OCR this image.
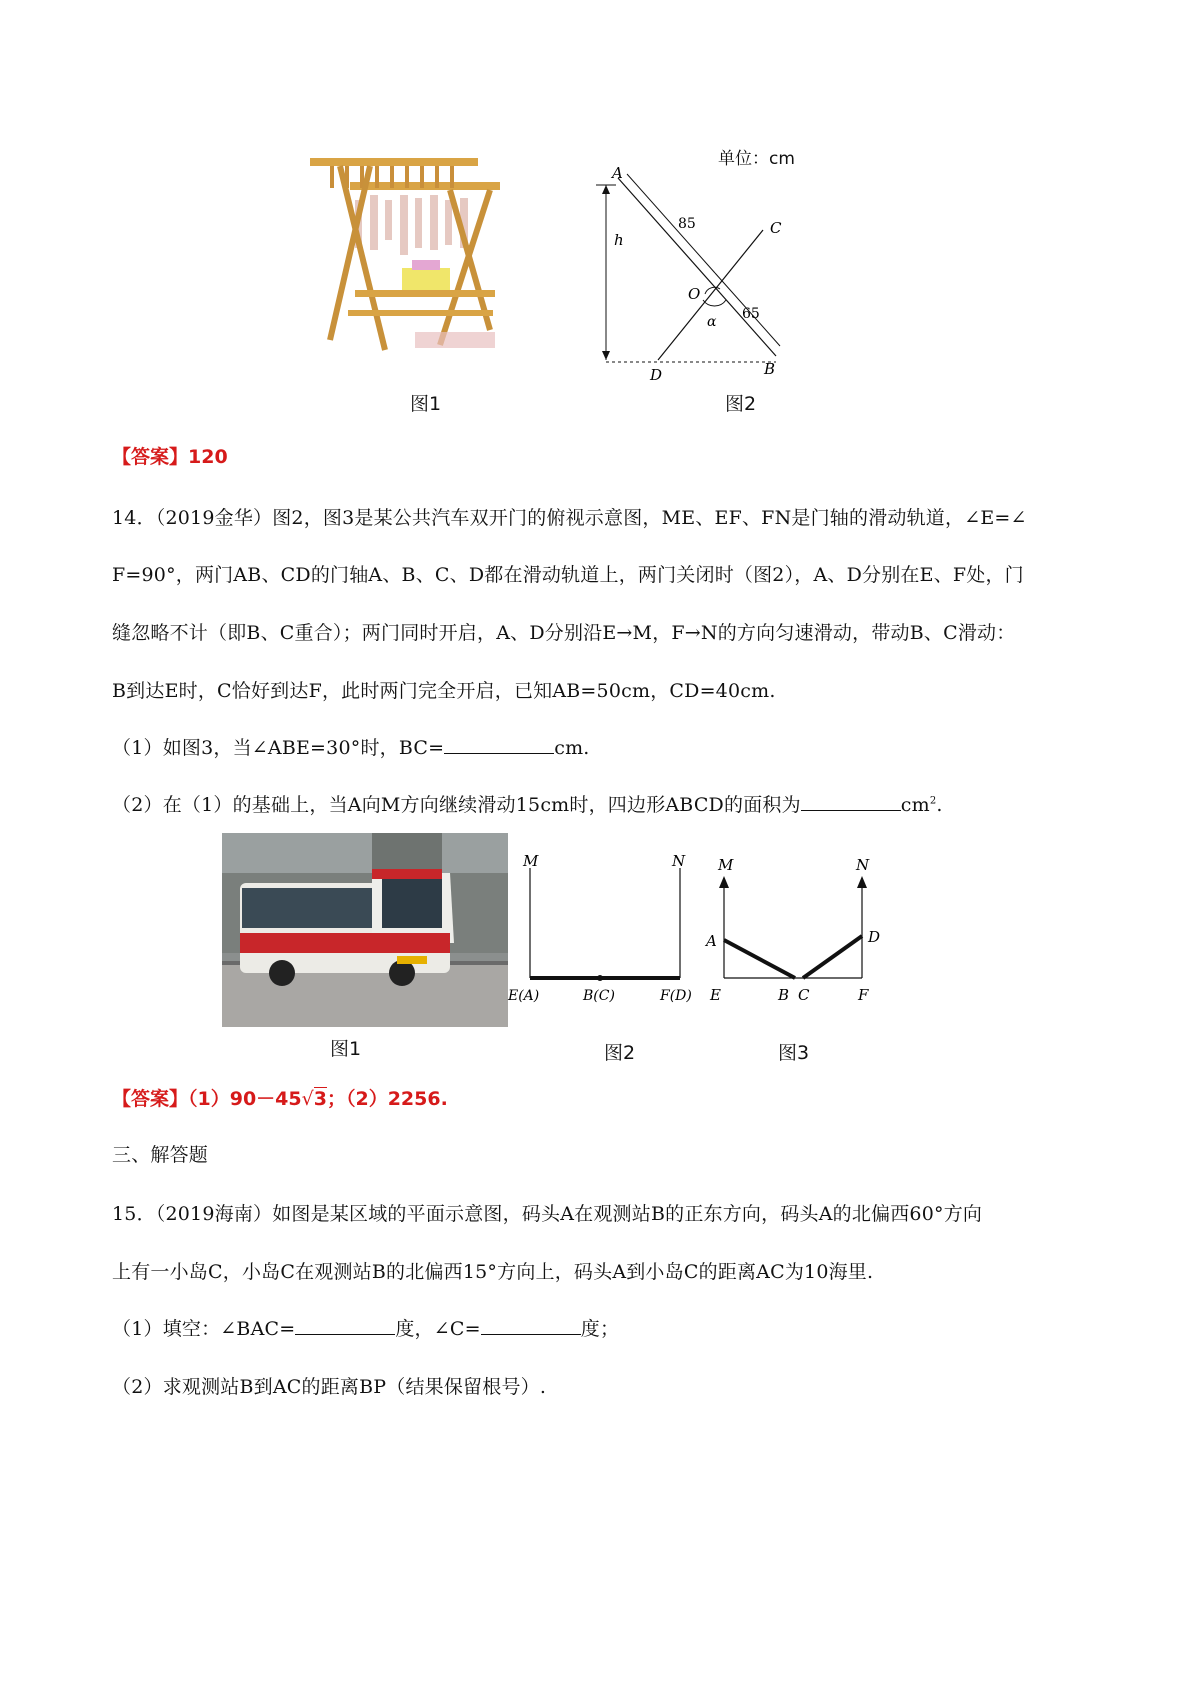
图1
单位：cm
A
85	C
h
O
α 65
D	B
图2
【答案】120
14．（2019金华）图2，图3是某公共汽车双开门的俯视示意图，ME、EF、FN是门轴的滑动轨道，∠E=∠
F=90°，两门AB、CD的门轴A、B、C、D都在滑动轨道上，两门关闭时（图2），A、D分别在E、F处，门
缝忽略不计（即B、C重合）；两门同时开启，A、D分别沿E→M，F→N的方向匀速滑动，带动B、C滑动：
B到达E时，C恰好到达F，此时两门完全开启，已知AB=50cm，CD=40cm.
（1）如图3，当∠ABE=30°时，BC=	cm.
（2）在（1）的基础上，当A向M方向继续滑动15cm时，四边形ABCD的面积为	$cm^2$.
图1
M	N
E(A)	B(C)	F(D)
图2
M	N
A	D
E	B C	F
图3
【答案】（1）90－45√3；（2）2256.
三、解答题
15．（2019海南）如图是某区域的平面示意图，码头A在观测站B的正东方向，码头A的北偏西60°方向
上有一小岛C，小岛C在观测站B的北偏西15°方向上，码头A到小岛C的距离AC为10海里.
（1）填空：∠BAC=	度，∠C=	度；
（2）求观测站B到AC的距离BP（结果保留根号）.
